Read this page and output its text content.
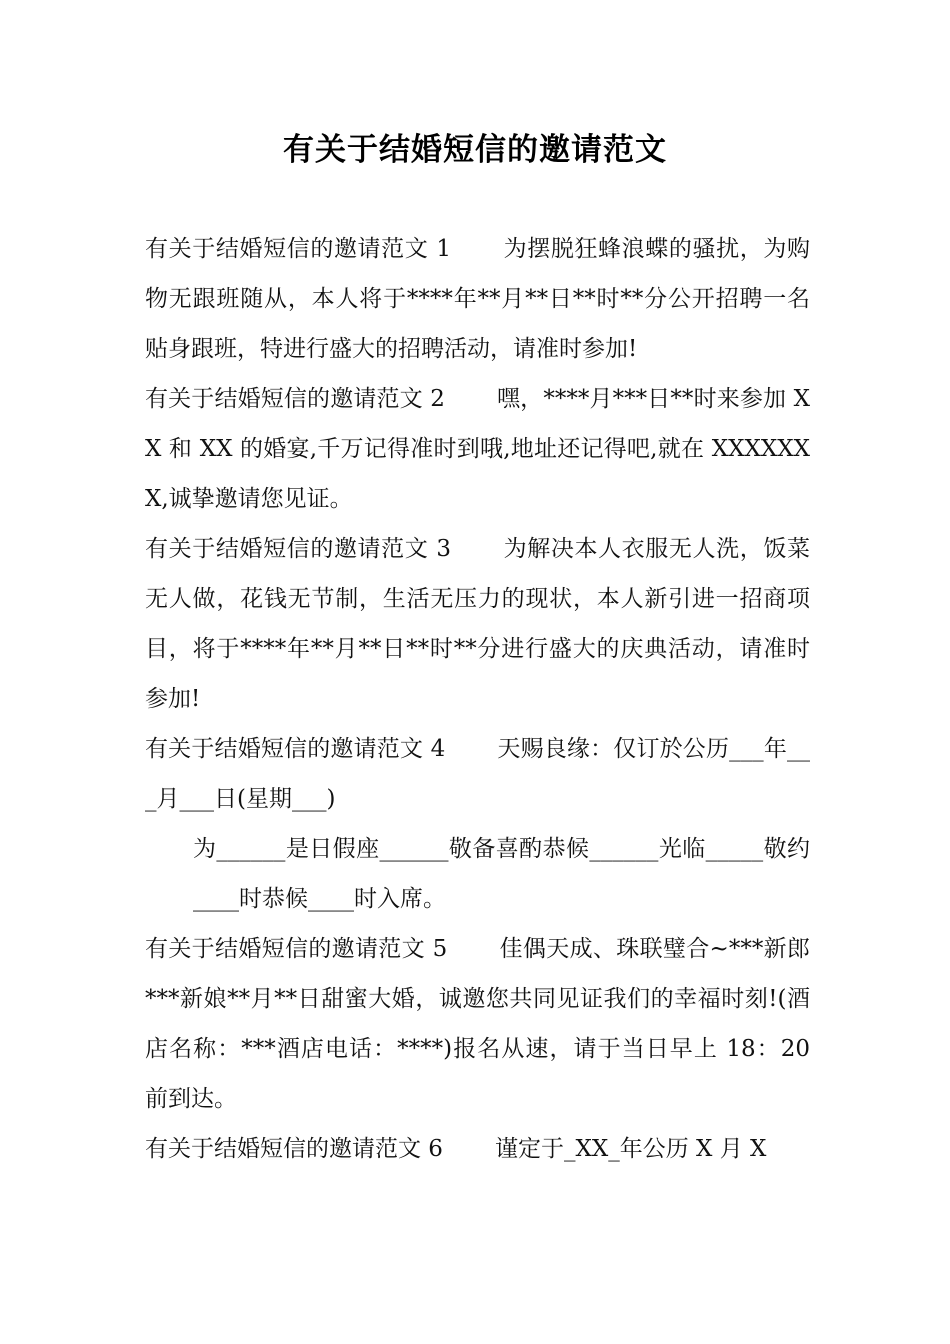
有关于结婚短信的邀请范文

有关于结婚短信的邀请范文 1 为摆脱狂蜂浪蝶的骚扰，为购物无跟班随从，本人将于****年**月**日**时**分公开招聘一名贴身跟班，特进行盛大的招聘活动，请准时参加!

有关于结婚短信的邀请范文 2 嘿，****月***日**时来参加 XX 和 XX 的婚宴,千万记得准时到哦,地址还记得吧,就在 XXXXXXX,诚挚邀请您见证。

有关于结婚短信的邀请范文 3 为解决本人衣服无人洗，饭菜无人做，花钱无节制，生活无压力的现状，本人新引进一招商项目，将于****年**月**日**时**分进行盛大的庆典活动，请准时参加!

有关于结婚短信的邀请范文 4 天赐良缘：仅订於公历___年___月___日(星期___)

为______是日假座______敬备喜酌恭候______光临_____敬约____时恭候____时入席。

有关于结婚短信的邀请范文 5 佳偶天成、珠联璧合~***新郎***新娘**月**日甜蜜大婚，诚邀您共同见证我们的幸福时刻!(酒店名称：***酒店电话：****)报名从速，请于当日早上 18：20 前到达。

有关于结婚短信的邀请范文 6 谨定于_XX_年公历 X 月 X
